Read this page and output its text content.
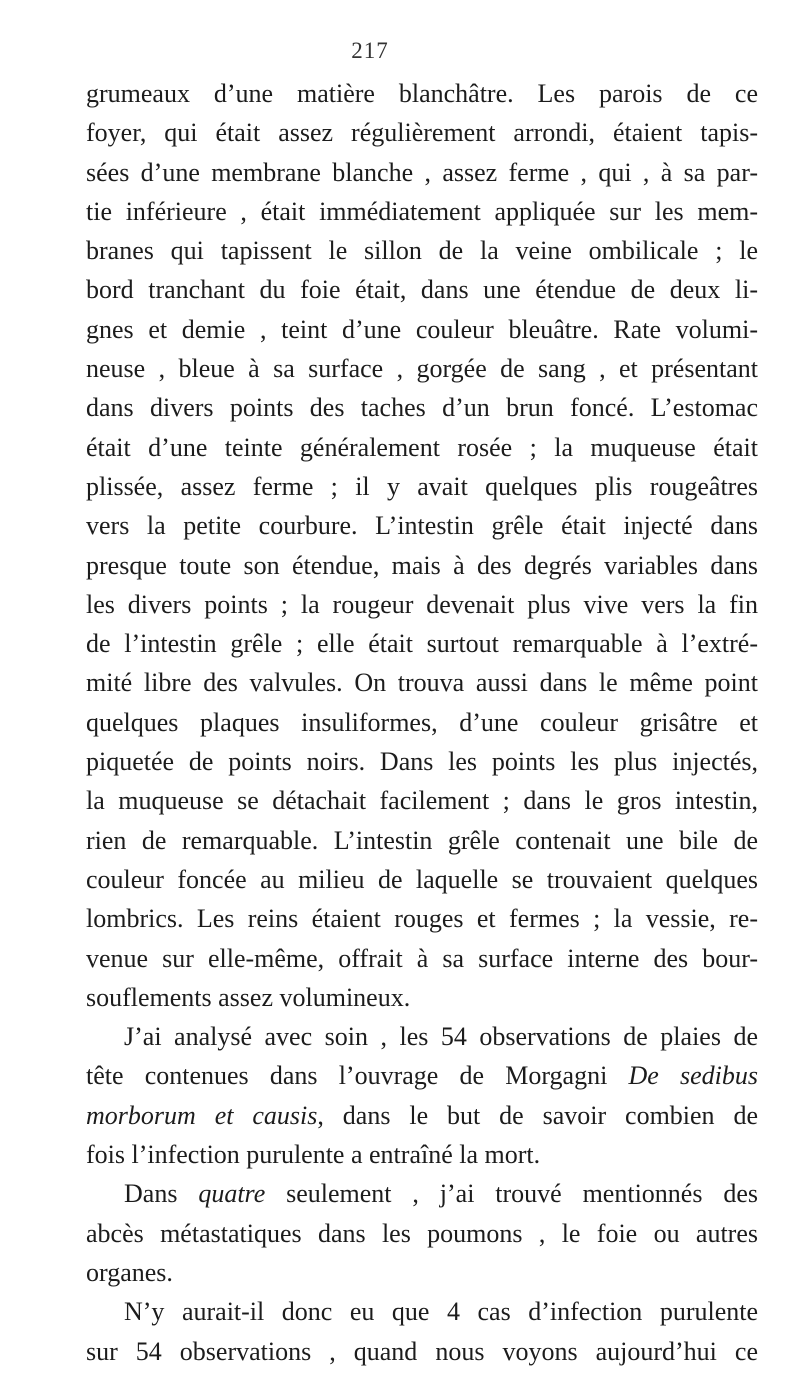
217
grumeaux d’une matière blanchâtre. Les parois de ce
foyer, qui était assez régulièrement arrondi, étaient tapis-
sées d’une membrane blanche , assez ferme , qui , à sa par-
tie inférieure , était immédiatement appliquée sur les mem-
branes qui tapissent le sillon de la veine ombilicale ; le
bord tranchant du foie était, dans une étendue de deux li-
gnes et demie , teint d’une couleur bleuâtre. Rate volumi-
neuse , bleue à sa surface , gorgée de sang , et présentant
dans divers points des taches d’un brun foncé. L’estomac
était d’une teinte généralement rosée ; la muqueuse était
plissée, assez ferme ; il y avait quelques plis rougeâtres
vers la petite courbure. L’intestin grêle était injecté dans
presque toute son étendue, mais à des degrés variables dans
les divers points ; la rougeur devenait plus vive vers la fin
de l’intestin grêle ; elle était surtout remarquable à l’extré-
mité libre des valvules. On trouva aussi dans le même point
quelques plaques insuliformes, d’une couleur grisâtre et
piquetée de points noirs. Dans les points les plus injectés,
la muqueuse se détachait facilement ; dans le gros intestin,
rien de remarquable. L’intestin grêle contenait une bile de
couleur foncée au milieu de laquelle se trouvaient quelques
lombrics. Les reins étaient rouges et fermes ; la vessie, re-
venue sur elle-même, offrait à sa surface interne des bour-
souflements assez volumineux.
J’ai analysé avec soin , les 54 observations de plaies de
tête contenues dans l’ouvrage de Morgagni De sedibus
morborum et causis, dans le but de savoir combien de
fois l’infection purulente a entraîné la mort.
Dans quatre seulement , j’ai trouvé mentionnés des
abcès métastatiques dans les poumons , le foie ou autres
organes.
N’y aurait-il donc eu que 4 cas d’infection purulente
sur 54 observations , quand nous voyons aujourd’hui ce
